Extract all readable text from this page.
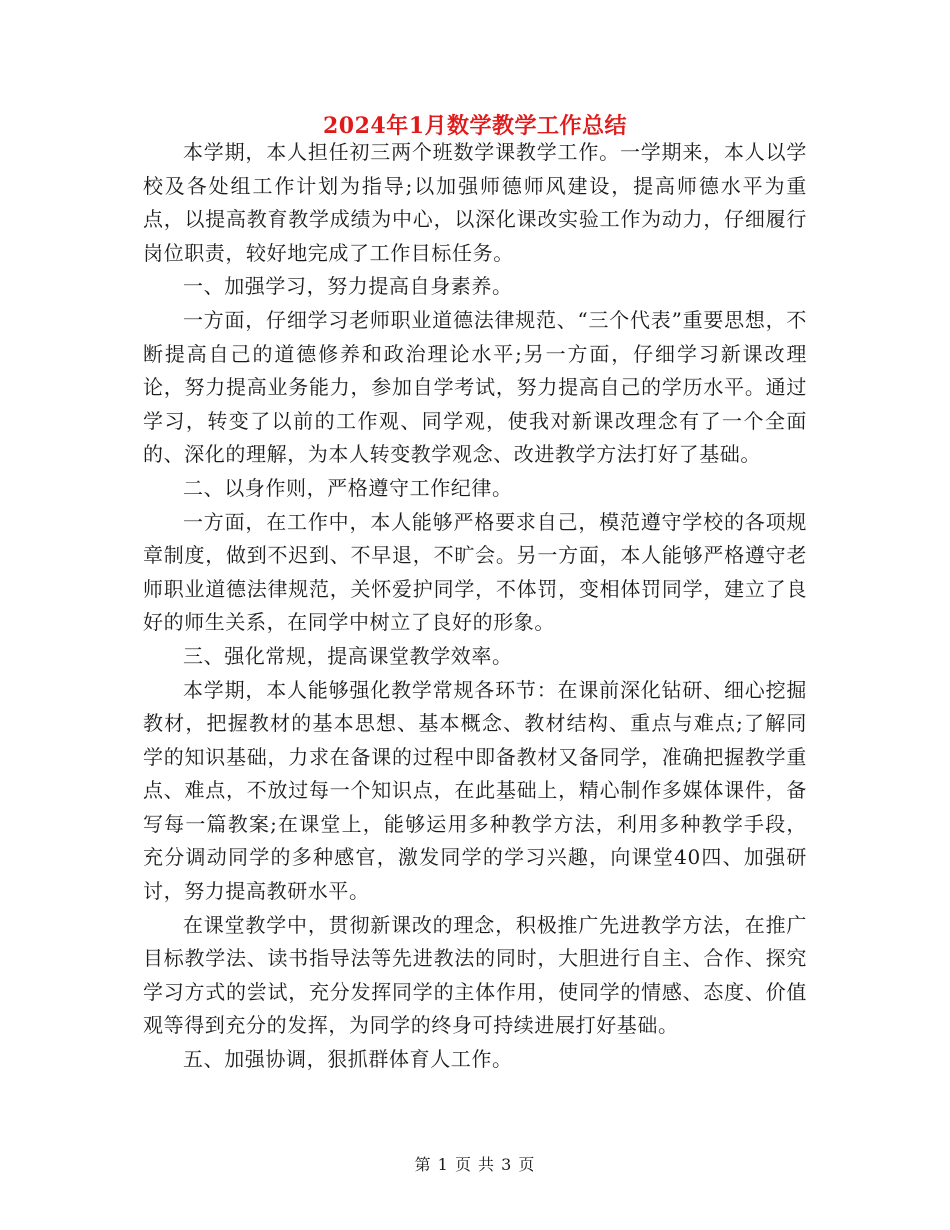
2024年1月数学教学工作总结

本学期，本人担任初三两个班数学课教学工作。一学期来，本人以学校及各处组工作计划为指导;以加强师德师风建设，提高师德水平为重点，以提高教育教学成绩为中心，以深化课改实验工作为动力，仔细履行岗位职责，较好地完成了工作目标任务。

一、加强学习，努力提高自身素养。

一方面，仔细学习老师职业道德法律规范、“三个代表”重要思想，不断提高自己的道德修养和政治理论水平;另一方面，仔细学习新课改理论，努力提高业务能力，参加自学考试，努力提高自己的学历水平。通过学习，转变了以前的工作观、同学观，使我对新课改理念有了一个全面的、深化的理解，为本人转变教学观念、改进教学方法打好了基础。

二、以身作则，严格遵守工作纪律。

一方面，在工作中，本人能够严格要求自己，模范遵守学校的各项规章制度，做到不迟到、不早退，不旷会。另一方面，本人能够严格遵守老师职业道德法律规范，关怀爱护同学，不体罚，变相体罚同学，建立了良好的师生关系，在同学中树立了良好的形象。

三、强化常规，提高课堂教学效率。

本学期，本人能够强化教学常规各环节：在课前深化钻研、细心挖掘教材，把握教材的基本思想、基本概念、教材结构、重点与难点;了解同学的知识基础，力求在备课的过程中即备教材又备同学，准确把握教学重点、难点，不放过每一个知识点，在此基础上，精心制作多媒体课件，备写每一篇教案;在课堂上，能够运用多种教学方法，利用多种教学手段，充分调动同学的多种感官，激发同学的学习兴趣，向课堂40四、加强研讨，努力提高教研水平。

在课堂教学中，贯彻新课改的理念，积极推广先进教学方法，在推广目标教学法、读书指导法等先进教法的同时，大胆进行自主、合作、探究学习方式的尝试，充分发挥同学的主体作用，使同学的情感、态度、价值观等得到充分的发挥，为同学的终身可持续进展打好基础。

五、加强协调，狠抓群体育人工作。

第 1 页 共 3 页
